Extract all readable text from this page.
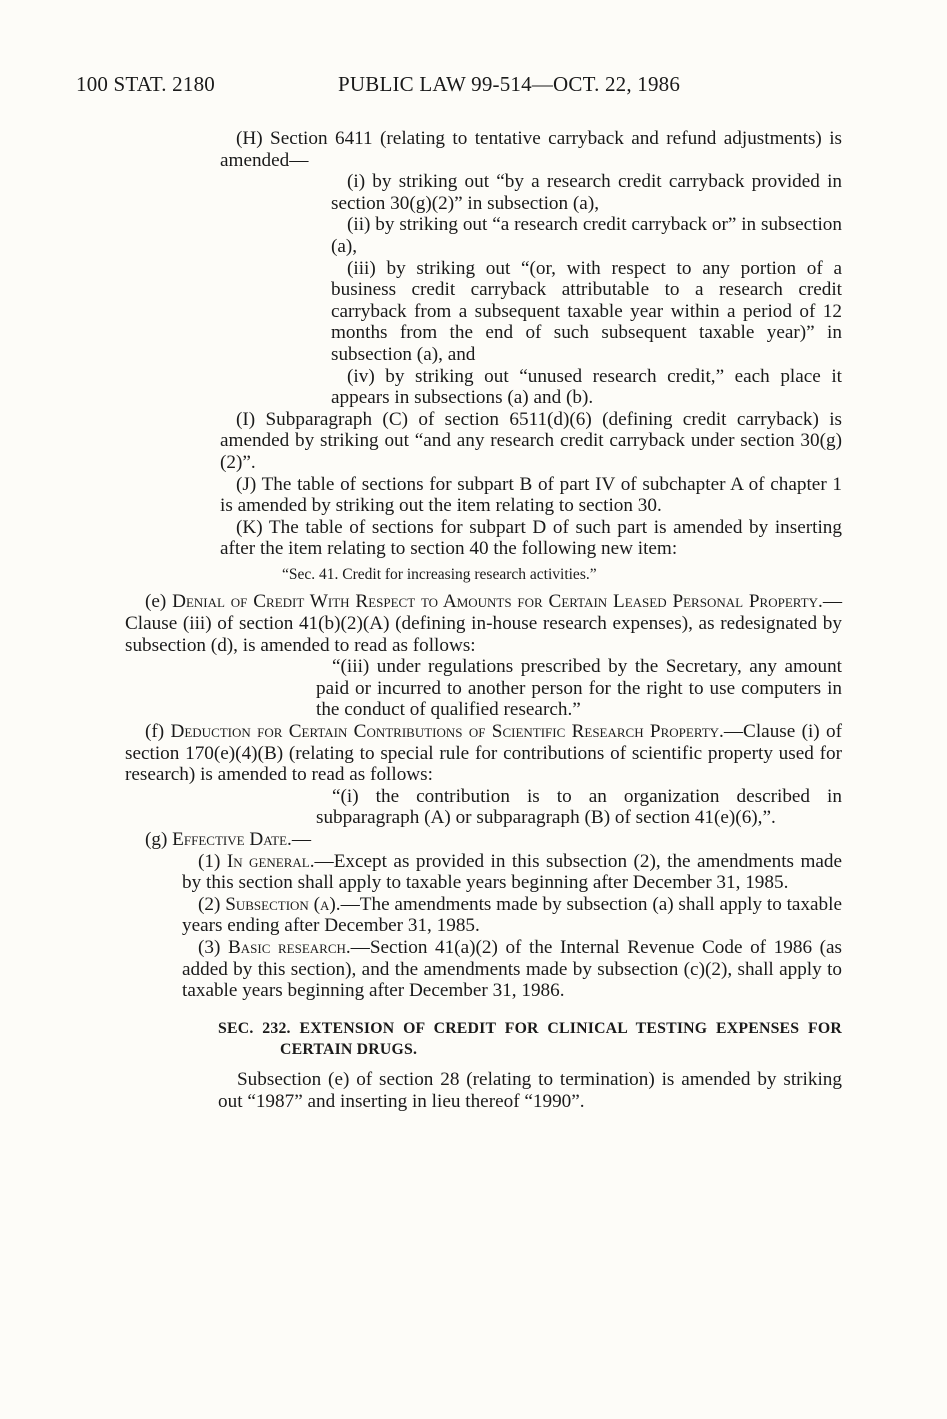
100 STAT. 2180	PUBLIC LAW 99-514—OCT. 22, 1986

(H) Section 6411 (relating to tentative carryback and refund adjustments) is amended—

(i) by striking out “by a research credit carryback provided in section 30(g)(2)” in subsection (a),

(ii) by striking out “a research credit carryback or” in subsection (a),

(iii) by striking out “(or, with respect to any portion of a business credit carryback attributable to a research credit carryback from a subsequent taxable year within a period of 12 months from the end of such subsequent taxable year)” in subsection (a), and

(iv) by striking out “unused research credit,” each place it appears in subsections (a) and (b).

(I) Subparagraph (C) of section 6511(d)(6) (defining credit carryback) is amended by striking out “and any research credit carryback under section 30(g)(2)”.

(J) The table of sections for subpart B of part IV of subchapter A of chapter 1 is amended by striking out the item relating to section 30.

(K) The table of sections for subpart D of such part is amended by inserting after the item relating to section 40 the following new item:

“Sec. 41. Credit for increasing research activities.”

(e) Denial of Credit With Respect to Amounts for Certain Leased Personal Property.—Clause (iii) of section 41(b)(2)(A) (defining in-house research expenses), as redesignated by subsection (d), is amended to read as follows:

“(iii) under regulations prescribed by the Secretary, any amount paid or incurred to another person for the right to use computers in the conduct of qualified research.”

(f) Deduction for Certain Contributions of Scientific Research Property.—Clause (i) of section 170(e)(4)(B) (relating to special rule for contributions of scientific property used for research) is amended to read as follows:

“(i) the contribution is to an organization described in subparagraph (A) or subparagraph (B) of section 41(e)(6),”.

(g) Effective Date.—

(1) In general.—Except as provided in this subsection (2), the amendments made by this section shall apply to taxable years beginning after December 31, 1985.

(2) Subsection (a).—The amendments made by subsection (a) shall apply to taxable years ending after December 31, 1985.

(3) Basic research.—Section 41(a)(2) of the Internal Revenue Code of 1986 (as added by this section), and the amendments made by subsection (c)(2), shall apply to taxable years beginning after December 31, 1986.

SEC. 232. EXTENSION OF CREDIT FOR CLINICAL TESTING EXPENSES FOR CERTAIN DRUGS.

Subsection (e) of section 28 (relating to termination) is amended by striking out “1987” and inserting in lieu thereof “1990”.
